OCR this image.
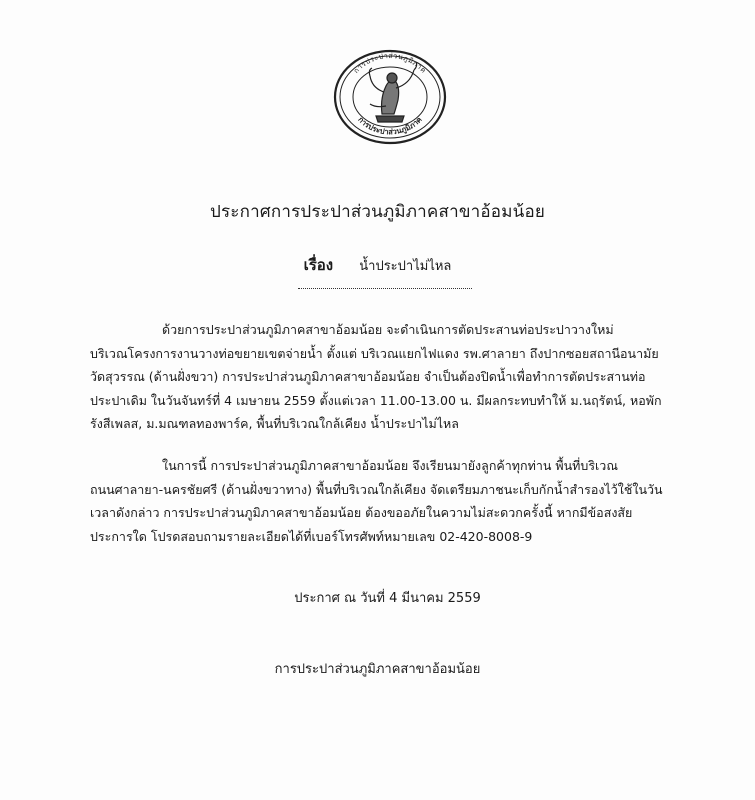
การประปาส่วนภูมิภาค
การประปาส่วนภูมิภาค
ประกาศการประปาส่วนภูมิภาคสาขาอ้อมน้อย
เรื่อง น้ำประปาไม่ไหล
ด้วยการประปาส่วนภูมิภาคสาขาอ้อมน้อย จะดำเนินการตัดประสานท่อประปาวางใหม่
บริเวณโครงการงานวางท่อขยายเขตจ่ายน้ำ ตั้งแต่ บริเวณแยกไฟแดง รพ.ศาลายา ถึงปากซอยสถานีอนามัย
วัดสุวรรณ (ด้านฝั่งขวา) การประปาส่วนภูมิภาคสาขาอ้อมน้อย จำเป็นต้องปิดน้ำเพื่อทำการตัดประสานท่อ
ประปาเดิม ในวันจันทร์ที่ 4 เมษายน 2559 ตั้งแต่เวลา 11.00-13.00 น. มีผลกระทบทำให้ ม.นฤรัตน์, หอพัก
รังสีเพลส, ม.มณฑลทองพาร์ค, พื้นที่บริเวณใกล้เคียง น้ำประปาไม่ไหล
ในการนี้ การประปาส่วนภูมิภาคสาขาอ้อมน้อย จึงเรียนมายังลูกค้าทุกท่าน พื้นที่บริเวณ
ถนนศาลายา-นครชัยศรี (ด้านฝั่งขวาทาง) พื้นที่บริเวณใกล้เคียง จัดเตรียมภาชนะเก็บกักน้ำสำรองไว้ใช้ในวัน
เวลาดังกล่าว การประปาส่วนภูมิภาคสาขาอ้อมน้อย ต้องขออภัยในความไม่สะดวกครั้งนี้ หากมีข้อสงสัย
ประการใด โปรดสอบถามรายละเอียดได้ที่เบอร์โทรศัพท์หมายเลข 02-420-8008-9
ประกาศ ณ วันที่ 4 มีนาคม 2559
การประปาส่วนภูมิภาคสาขาอ้อมน้อย
